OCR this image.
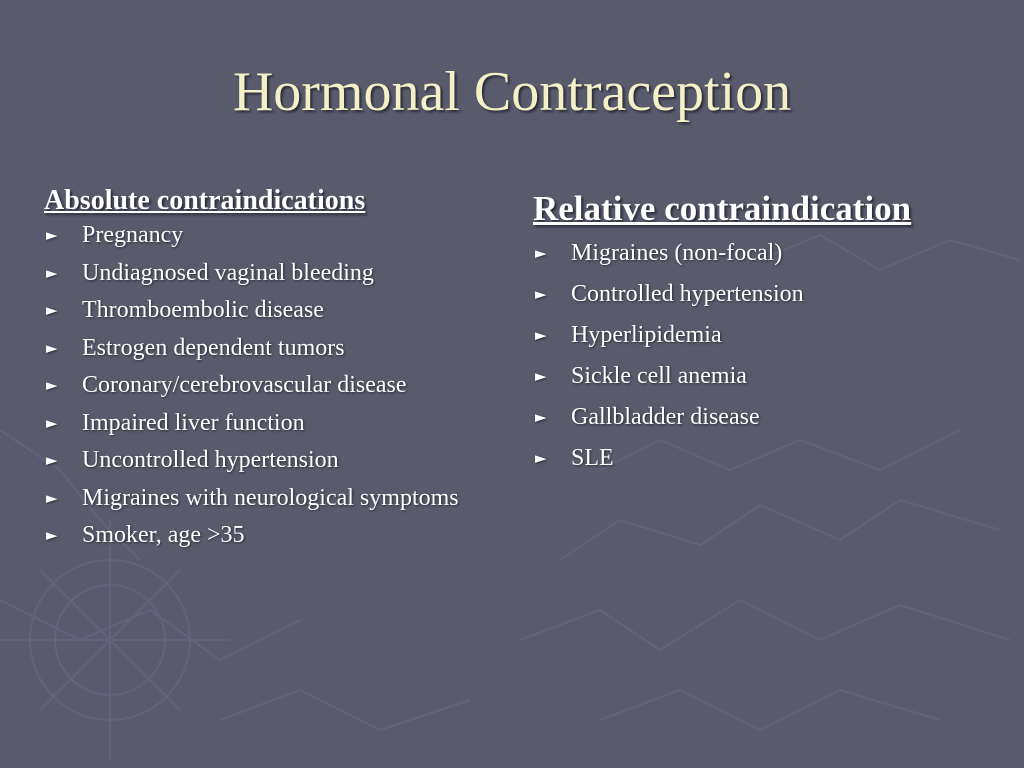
Hormonal Contraception
Absolute contraindications
► Pregnancy
► Undiagnosed vaginal bleeding
► Thromboembolic disease
► Estrogen dependent tumors
► Coronary/cerebrovascular disease
► Impaired liver function
► Uncontrolled hypertension
► Migraines with neurological symptoms
► Smoker, age >35
Relative contraindication
► Migraines (non-focal)
► Controlled hypertension
► Hyperlipidemia
► Sickle cell anemia
► Gallbladder disease
► SLE
